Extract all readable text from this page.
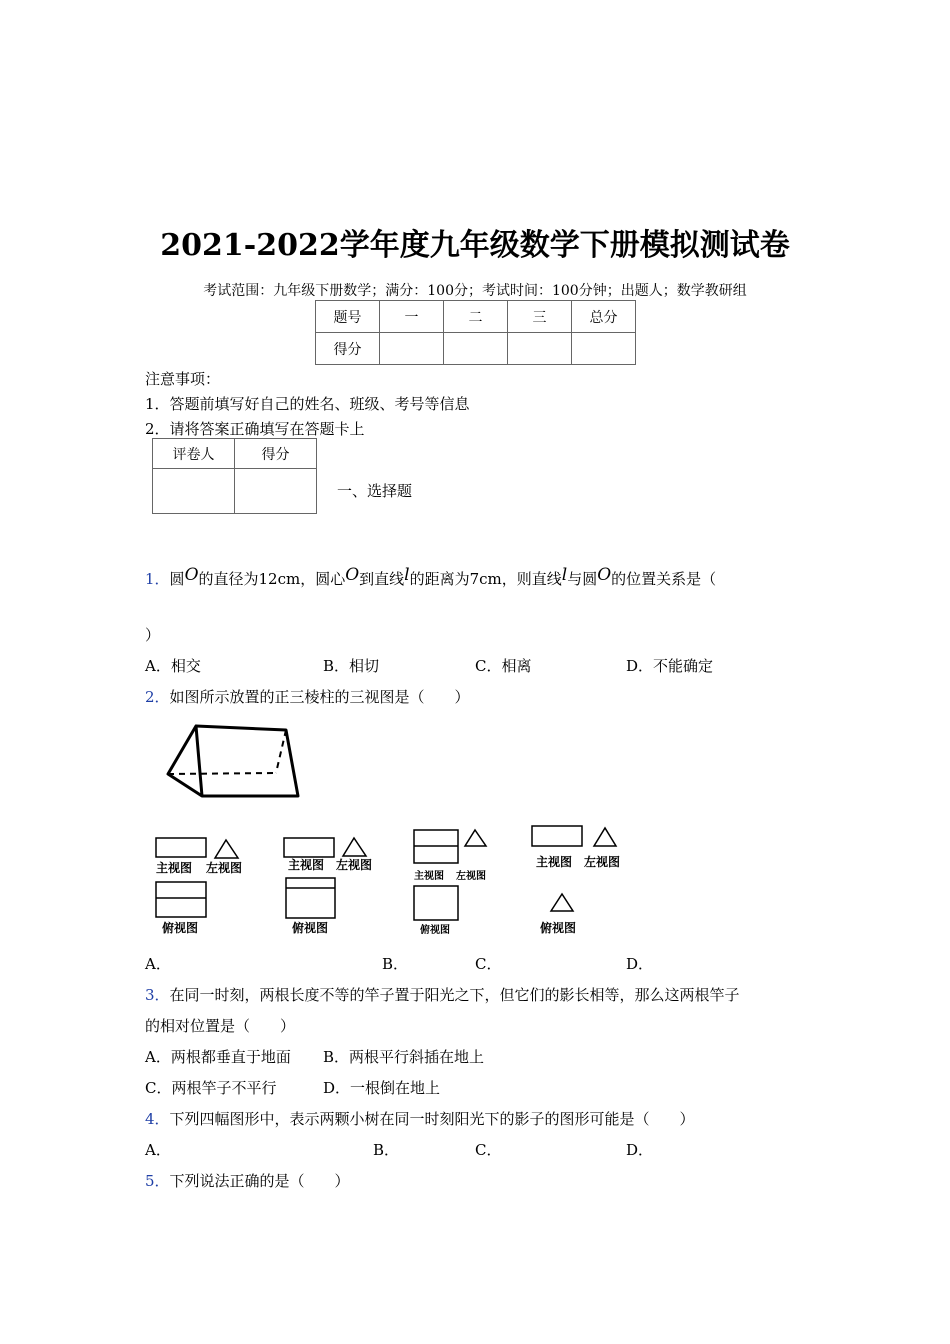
2021-2022学年度九年级数学下册模拟测试卷
考试范围：九年级下册数学；满分：100分；考试时间：100分钟；出题人；数学教研组
题号	一	二	三	总分
得分				
注意事项：
1．答题前填写好自己的姓名、班级、考号等信息
2．请将答案正确填写在答题卡上
评卷人	得分

一、选择题
1．圆O的直径为12cm，圆心O到直线l的距离为7cm，则直线l与圆O的位置关系是（
）
A．相交	B．相切	C．相离	D．不能确定
2．如图所示放置的正三棱柱的三视图是（　　）
主视图 左视图
俯视图
主视图 左视图
俯视图
主视图 左视图
俯视图
主视图 左视图
俯视图
A．	B．	C．	D．
3．在同一时刻，两根长度不等的竿子置于阳光之下，但它们的影长相等，那么这两根竿子
的相对位置是（　　）
A．两根都垂直于地面 B．两根平行斜插在地上
C．两根竿子不平行	D．一根倒在地上
4．下列四幅图形中，表示两颗小树在同一时刻阳光下的影子的图形可能是（　　）
A．	B．	C．	D．
5．下列说法正确的是（　　）
